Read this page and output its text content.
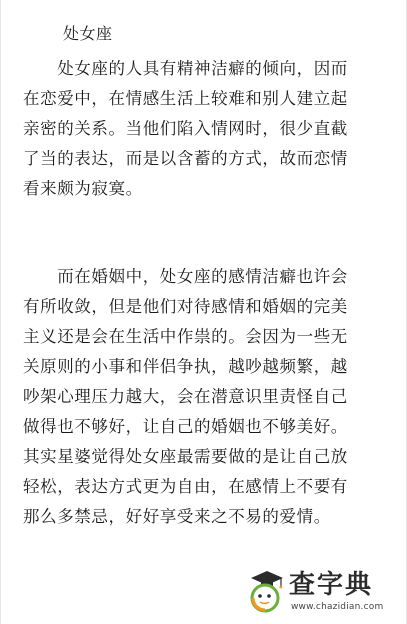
处女座
　　处女座的人具有精神洁癖的倾向，因而
在恋爱中，在情感生活上较难和别人建立起
亲密的关系。当他们陷入情网时，很少直截
了当的表达，而是以含蓄的方式，故而恋情
看来颇为寂寞。
　　而在婚姻中，处女座的感情洁癖也许会
有所收敛，但是他们对待感情和婚姻的完美
主义还是会在生活中作祟的。会因为一些无
关原则的小事和伴侣争执，越吵越频繁，越
吵架心理压力越大，会在潜意识里责怪自己
做得也不够好，让自己的婚姻也不够美好。
其实星婆觉得处女座最需要做的是让自己放
轻松，表达方式更为自由，在感情上不要有
那么多禁忌，好好享受来之不易的爱情。
查字典
www.chazidian.com
